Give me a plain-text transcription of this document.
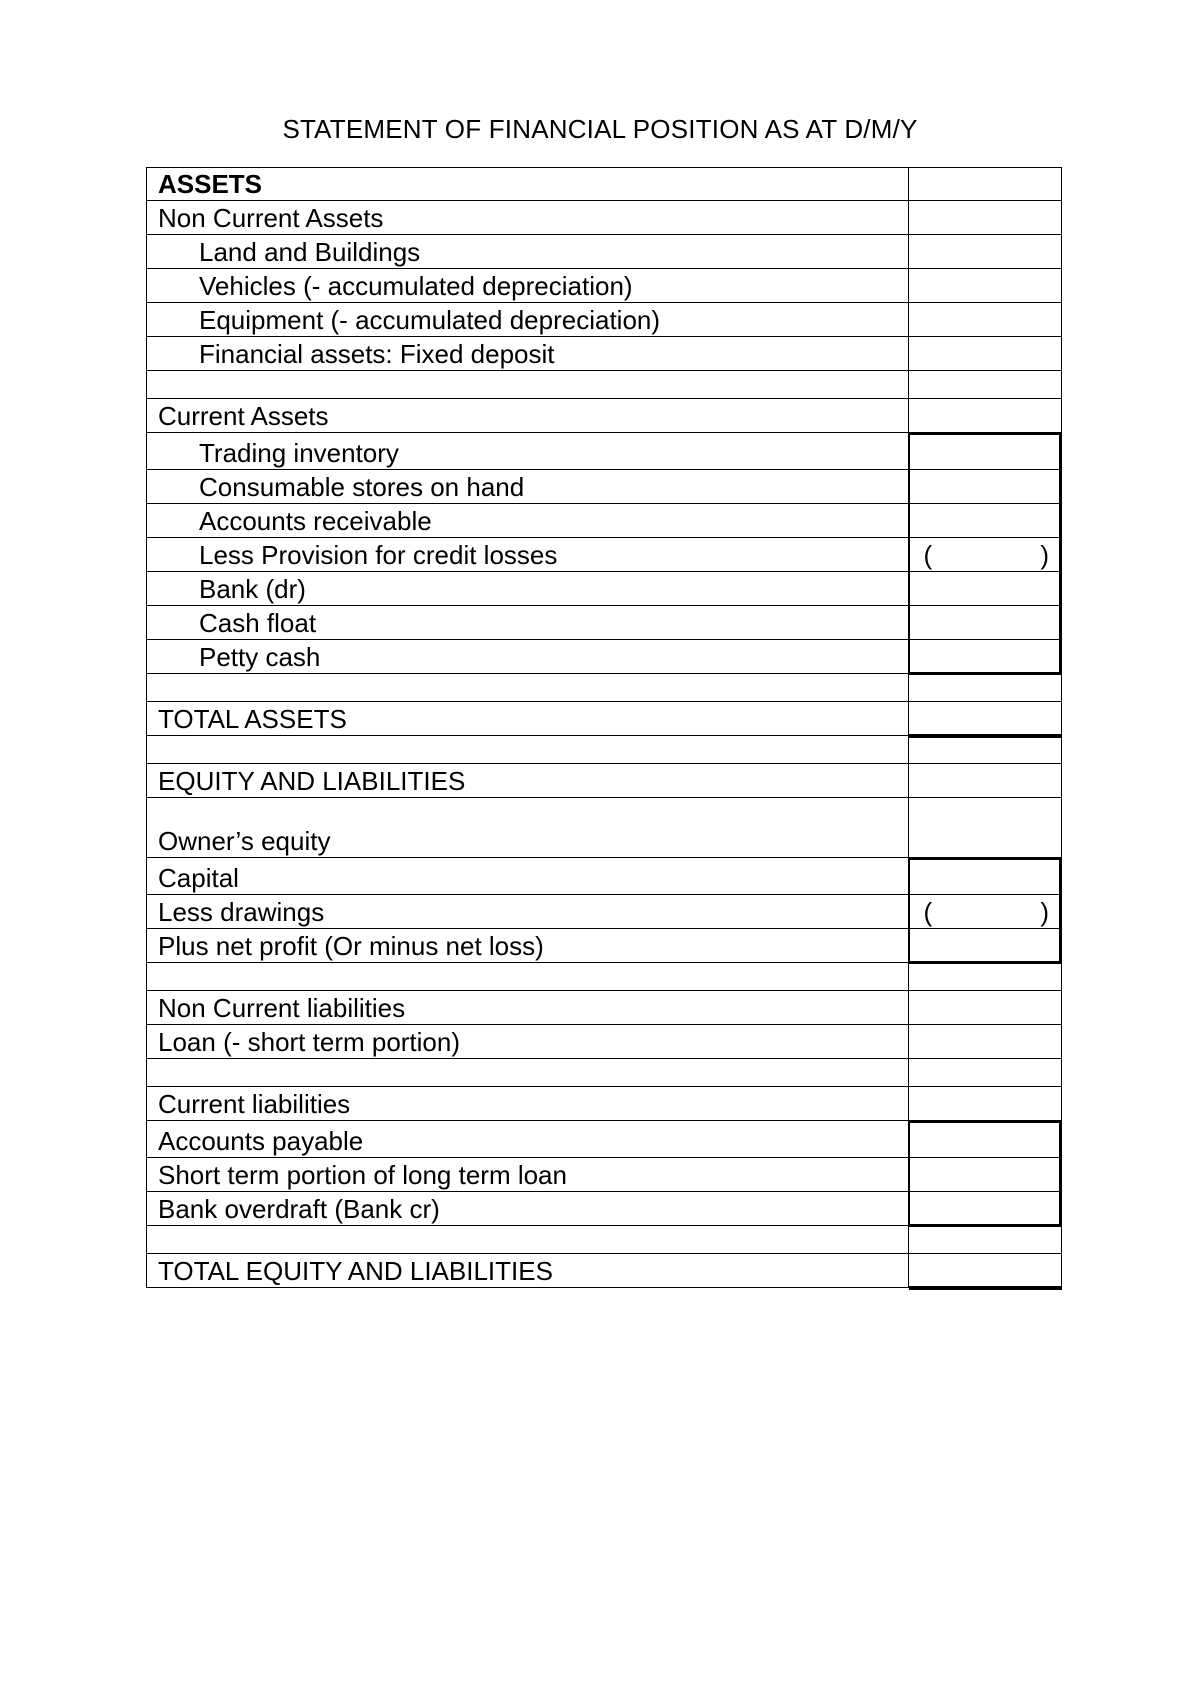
STATEMENT OF FINANCIAL POSITION AS AT D/M/Y
ASSETS
Non Current Assets
Land and Buildings
Vehicles (- accumulated depreciation)
Equipment (- accumulated depreciation)
Financial assets: Fixed deposit
Current Assets
Trading inventory
Consumable stores on hand
Accounts receivable
Less Provision for credit losses	(	)
Bank (dr)
Cash float
Petty cash
TOTAL ASSETS
EQUITY AND LIABILITIES
Owner’s equity
Capital
Less drawings	(	)
Plus net profit (Or minus net loss)
Non Current liabilities
Loan (- short term portion)
Current liabilities
Accounts payable
Short term portion of long term loan
Bank overdraft (Bank cr)
TOTAL EQUITY AND LIABILITIES
